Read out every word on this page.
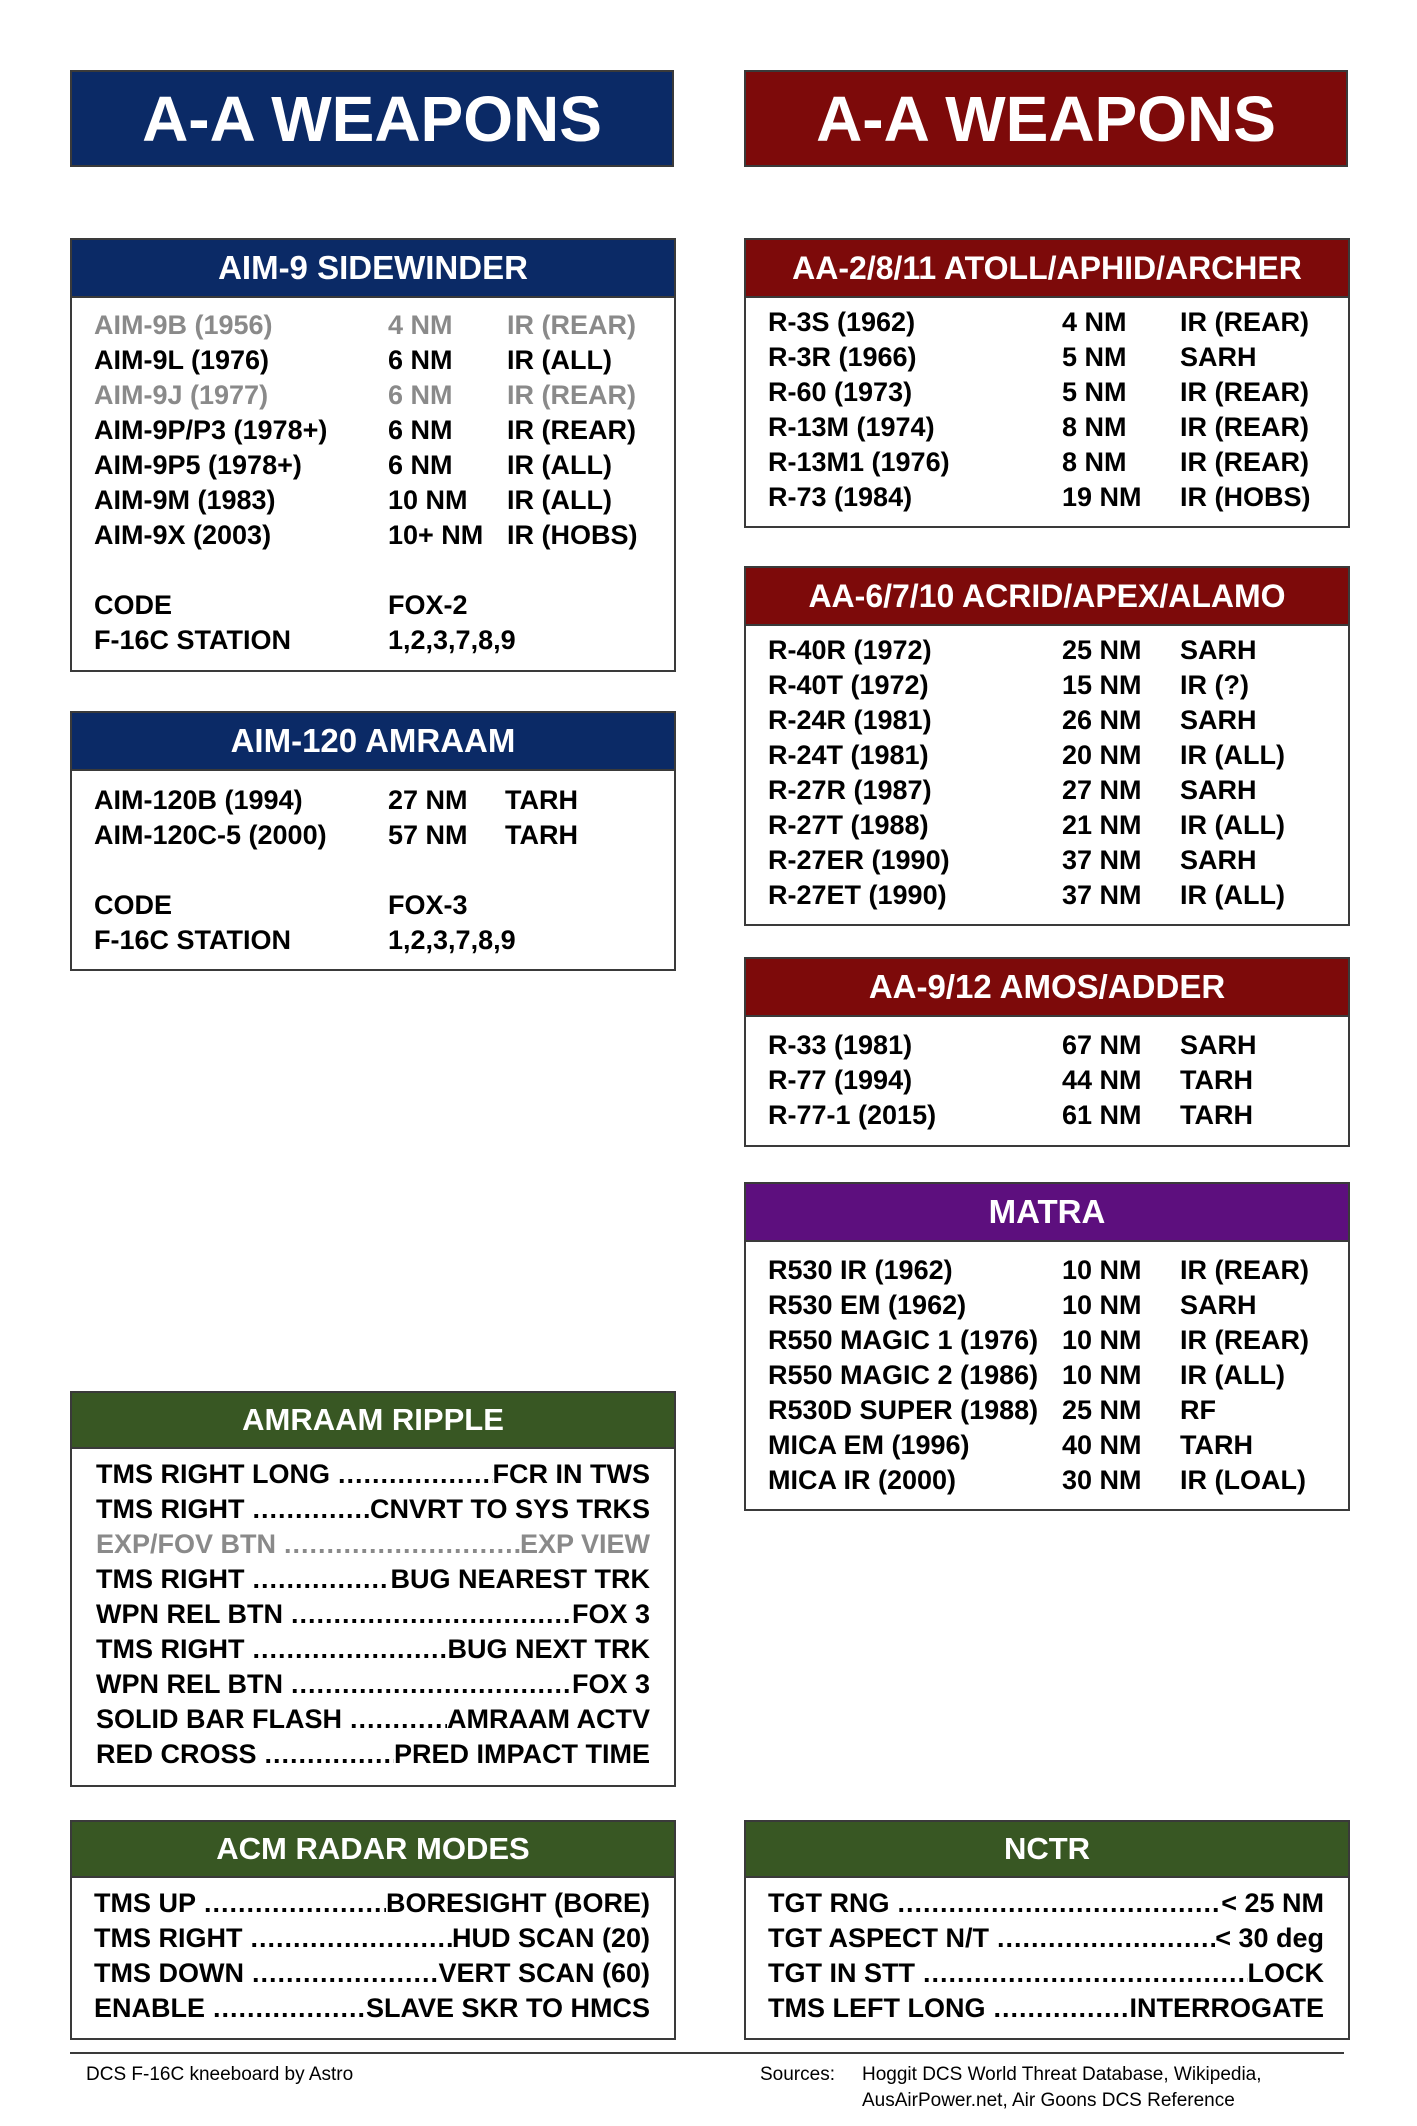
A-A WEAPONS	A-A WEAPONS
AIM-9 SIDEWINDER
AIM-9B (1956)	4 NM	IR (REAR)
AIM-9L (1976)	6 NM	IR (ALL)
AIM-9J (1977)	6 NM	IR (REAR)
AIM-9P/P3 (1978+)	6 NM	IR (REAR)
AIM-9P5 (1978+)	6 NM	IR (ALL)
AIM-9M (1983)	10 NM	IR (ALL)
AIM-9X (2003)	10+ NM IR (HOBS)
CODE	FOX-2
F-16C STATION	1,2,3,7,8,9
AIM-120 AMRAAM
AIM-120B (1994)	27 NM	TARH
AIM-120C-5 (2000)	57 NM	TARH
CODE	FOX-3
F-16C STATION	1,2,3,7,8,9
AA-2/8/11 ATOLL/APHID/ARCHER
R-3S (1962)	4 NM	IR (REAR)
R-3R (1966)	5 NM	SARH
R-60 (1973)	5 NM	IR (REAR)
R-13M (1974)	8 NM	IR (REAR)
R-13M1 (1976)	8 NM	IR (REAR)
R-73 (1984)	19 NM	IR (HOBS)
AA-6/7/10 ACRID/APEX/ALAMO
R-40R (1972)	25 NM	SARH
R-40T (1972)	15 NM	IR (?)
R-24R (1981)	26 NM	SARH
R-24T (1981)	20 NM	IR (ALL)
R-27R (1987)	27 NM	SARH
R-27T (1988)	21 NM	IR (ALL)
R-27ER (1990)	37 NM	SARH
R-27ET (1990)	37 NM	IR (ALL)
AA-9/12 AMOS/ADDER
R-33 (1981)	67 NM	SARH
R-77 (1994)	44 NM	TARH
R-77-1 (2015)	61 NM	TARH
MATRA
R530 IR (1962)	10 NM	IR (REAR)
R530 EM (1962)	10 NM	SARH
R550 MAGIC 1 (1976) 10 NM	IR (REAR)
R550 MAGIC 2 (1986) 10 NM	IR (ALL)
R530D SUPER (1988) 25 NM	RF
MICA EM (1996)	40 NM	TARH
MICA IR (2000)	30 NM	IR (LOAL)
AMRAAM RIPPLE
TMS RIGHT LONG .....	FCR IN TWS
TMS RIGHT .....	CNVRT TO SYS TRKS
EXP/FOV BTN .....	EXP VIEW
TMS RIGHT .....	BUG NEAREST TRK
WPN REL BTN .....	FOX 3
TMS RIGHT .....	BUG NEXT TRK
WPN REL BTN .....	FOX 3
SOLID BAR FLASH .....	AMRAAM ACTV
RED CROSS .....	PRED IMPACT TIME
ACM RADAR MODES
TMS UP .....	BORESIGHT (BORE)
TMS RIGHT .....	HUD SCAN (20)
TMS DOWN .....	VERT SCAN (60)
ENABLE .....	SLAVE SKR TO HMCS
NCTR
TGT RNG .....	< 25 NM
TGT ASPECT N/T .....	< 30 deg
TGT IN STT .....	LOCK
TMS LEFT LONG .....	INTERROGATE
DCS F-16C kneeboard by Astro	Sources: Hoggit DCS World Threat Database, Wikipedia,
AusAirPower.net, Air Goons DCS Reference
